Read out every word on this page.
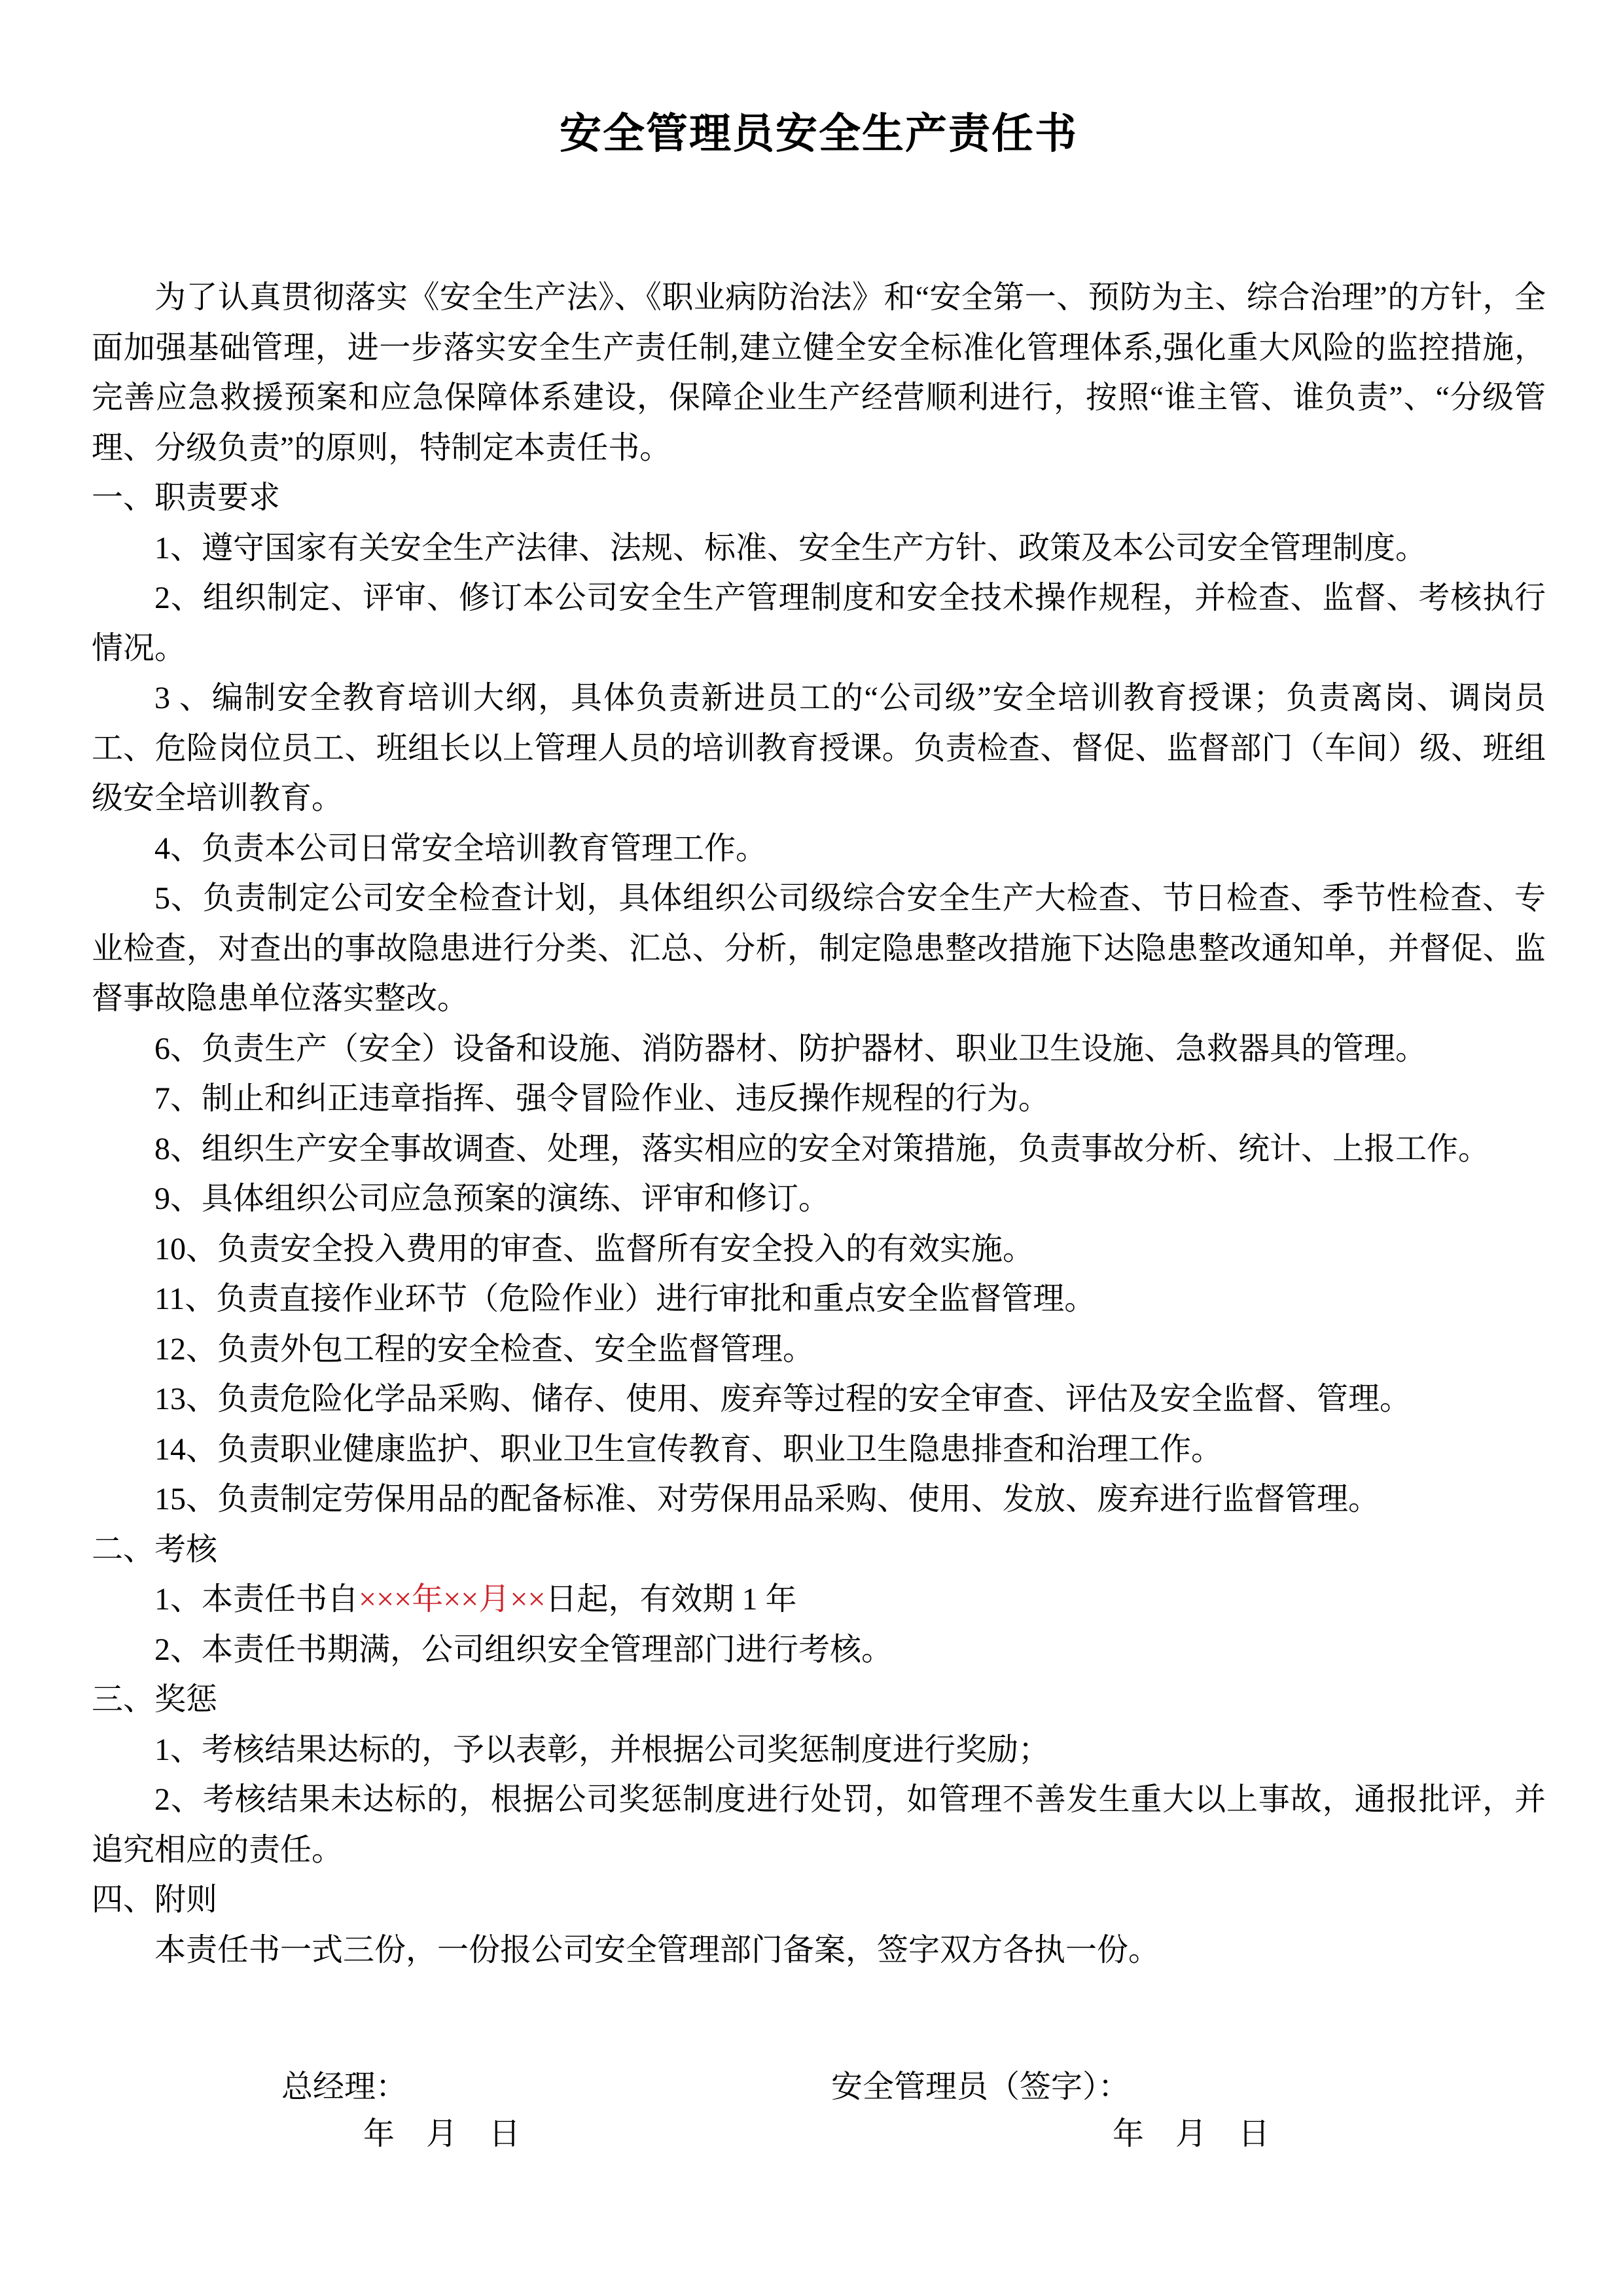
安全管理员安全生产责任书

为了认真贯彻落实《安全生产法》、《职业病防治法》和“安全第一、预防为主、综合治理”的方针，全面加强基础管理，进一步落实安全生产责任制,建立健全安全标准化管理体系,强化重大风险的监控措施，完善应急救援预案和应急保障体系建设，保障企业生产经营顺利进行，按照“谁主管、谁负责”、“分级管理、分级负责”的原则，特制定本责任书。

一、职责要求

1、遵守国家有关安全生产法律、法规、标准、安全生产方针、政策及本公司安全管理制度。

2、组织制定、评审、修订本公司安全生产管理制度和安全技术操作规程，并检查、监督、考核执行情况。

3 、编制安全教育培训大纲，具体负责新进员工的“公司级”安全培训教育授课；负责离岗、调岗员工、危险岗位员工、班组长以上管理人员的培训教育授课。负责检查、督促、监督部门（车间）级、班组级安全培训教育。

4、负责本公司日常安全培训教育管理工作。

5、负责制定公司安全检查计划，具体组织公司级综合安全生产大检查、节日检查、季节性检查、专业检查，对查出的事故隐患进行分类、汇总、分析，制定隐患整改措施下达隐患整改通知单，并督促、监督事故隐患单位落实整改。

6、负责生产（安全）设备和设施、消防器材、防护器材、职业卫生设施、急救器具的管理。

7、制止和纠正违章指挥、强令冒险作业、违反操作规程的行为。

8、组织生产安全事故调查、处理，落实相应的安全对策措施，负责事故分析、统计、上报工作。

9、具体组织公司应急预案的演练、评审和修订。

10、负责安全投入费用的审查、监督所有安全投入的有效实施。

11、负责直接作业环节（危险作业）进行审批和重点安全监督管理。

12、负责外包工程的安全检查、安全监督管理。

13、负责危险化学品采购、储存、使用、废弃等过程的安全审查、评估及安全监督、管理。

14、负责职业健康监护、职业卫生宣传教育、职业卫生隐患排查和治理工作。

15、负责制定劳保用品的配备标准、对劳保用品采购、使用、发放、废弃进行监督管理。

二、考核

1、本责任书自×××年××月××日起，有效期 1 年

2、本责任书期满，公司组织安全管理部门进行考核。

三、奖惩

1、考核结果达标的，予以表彰，并根据公司奖惩制度进行奖励；

2、考核结果未达标的，根据公司奖惩制度进行处罚，如管理不善发生重大以上事故，通报批评，并追究相应的责任。

四、附则

本责任书一式三份，一份报公司安全管理部门备案，签字双方各执一份。

总经理：	安全管理员（签字）：
年　月　日	年　月　日
